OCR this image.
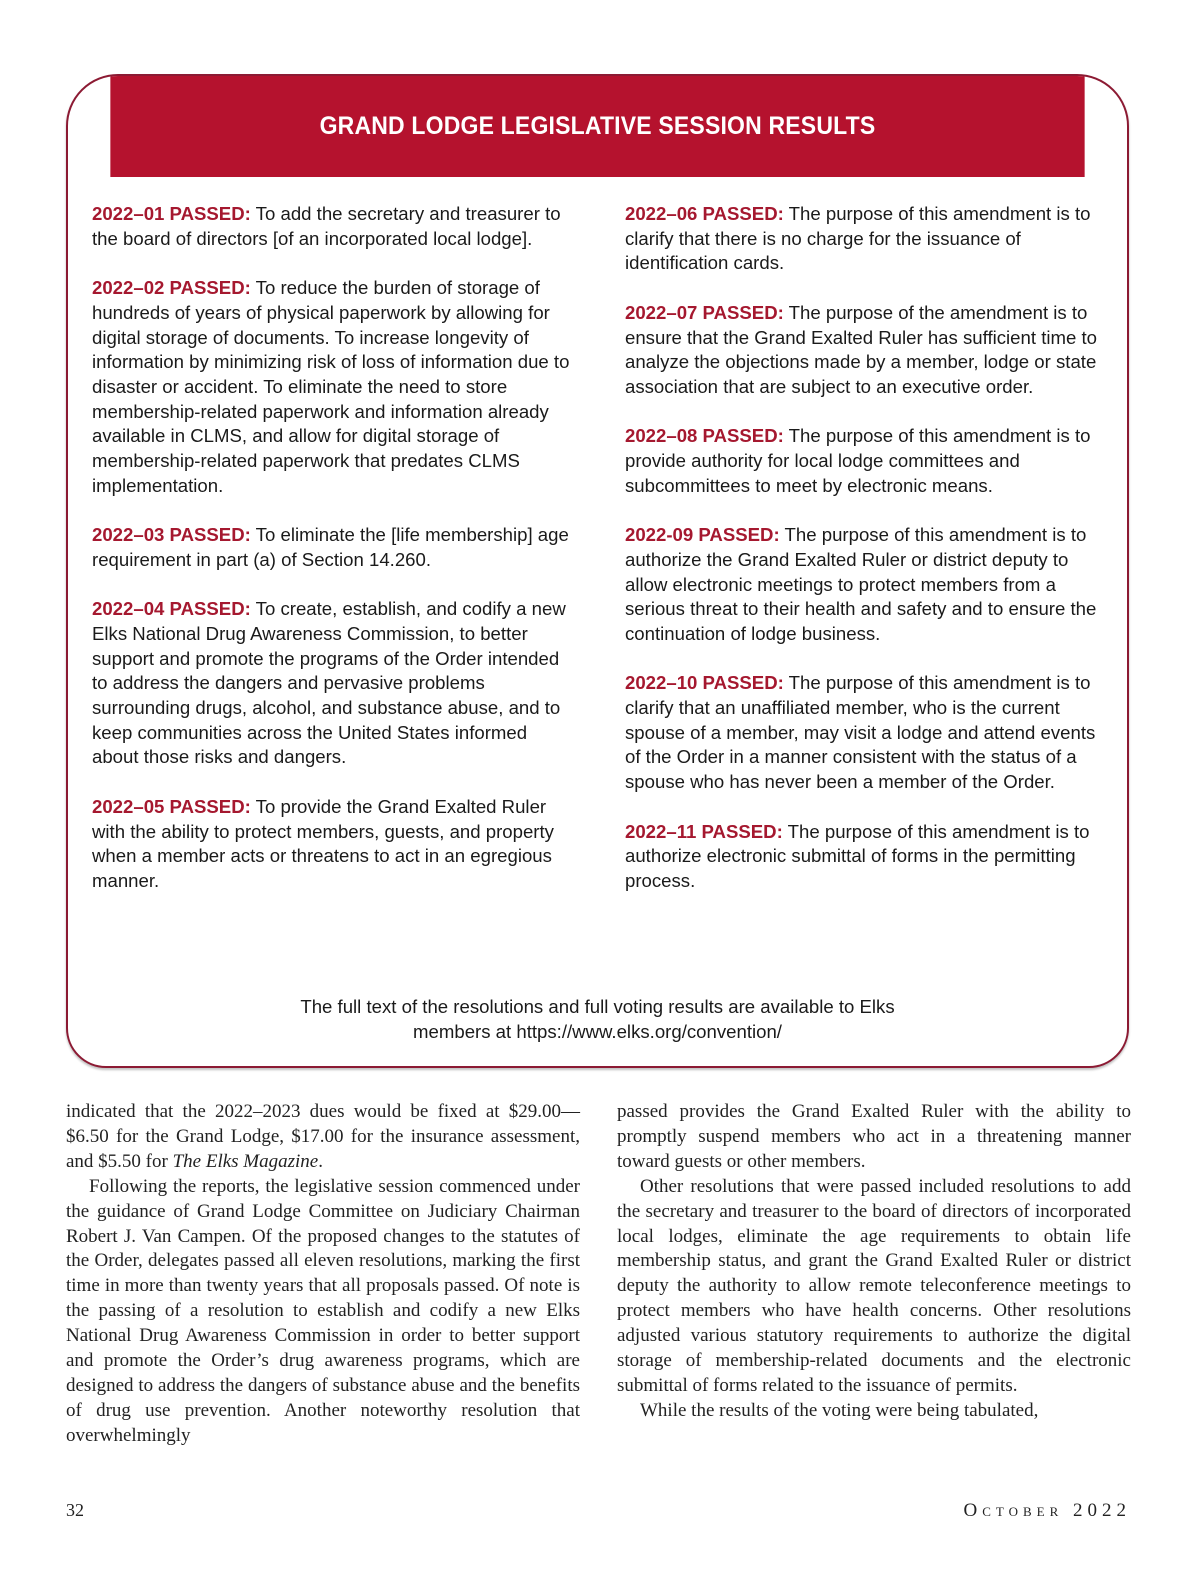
GRAND LODGE LEGISLATIVE SESSION RESULTS

2022–01 PASSED: To add the secretary and treasurer to the board of directors [of an incorporated local lodge].

2022–02 PASSED: To reduce the burden of storage of hundreds of years of physical paperwork by allowing for digital storage of documents. To increase longevity of information by minimizing risk of loss of information due to disaster or accident. To eliminate the need to store membership-related paperwork and information already available in CLMS, and allow for digital storage of membership-related paperwork that predates CLMS implementation.

2022–03 PASSED: To eliminate the [life membership] age requirement in part (a) of Section 14.260.

2022–04 PASSED: To create, establish, and codify a new Elks National Drug Awareness Commission, to better support and promote the programs of the Order intended to address the dangers and pervasive problems surrounding drugs, alcohol, and substance abuse, and to keep communities across the United States informed about those risks and dangers.

2022–05 PASSED: To provide the Grand Exalted Ruler with the ability to protect members, guests, and property when a member acts or threatens to act in an egregious manner.

2022–06 PASSED: The purpose of this amendment is to clarify that there is no charge for the issuance of identification cards.

2022–07 PASSED: The purpose of the amendment is to ensure that the Grand Exalted Ruler has sufficient time to analyze the objections made by a member, lodge or state association that are subject to an executive order.

2022–08 PASSED: The purpose of this amendment is to provide authority for local lodge committees and subcommittees to meet by electronic means.

2022-09 PASSED: The purpose of this amendment is to authorize the Grand Exalted Ruler or district deputy to allow electronic meetings to protect members from a serious threat to their health and safety and to ensure the continuation of lodge business.

2022–10 PASSED: The purpose of this amendment is to clarify that an unaffiliated member, who is the current spouse of a member, may visit a lodge and attend events of the Order in a manner consistent with the status of a spouse who has never been a member of the Order.

2022–11 PASSED: The purpose of this amendment is to authorize electronic submittal of forms in the permitting process.

The full text of the resolutions and full voting results are available to Elks
members at https://www.elks.org/convention/

indicated that the 2022–2023 dues would be fixed at $29.00—$6.50 for the Grand Lodge, $17.00 for the insurance assessment, and $5.50 for The Elks Magazine.

Following the reports, the legislative session commenced under the guidance of Grand Lodge Committee on Judiciary Chairman Robert J. Van Campen. Of the proposed changes to the statutes of the Order, delegates passed all eleven resolutions, marking the first time in more than twenty years that all proposals passed. Of note is the passing of a resolution to establish and codify a new Elks National Drug Awareness Commission in order to better support and promote the Order’s drug awareness programs, which are designed to address the dangers of substance abuse and the benefits of drug use prevention. Another noteworthy resolution that overwhelmingly

passed provides the Grand Exalted Ruler with the ability to promptly suspend members who act in a threatening manner toward guests or other members.

Other resolutions that were passed included resolutions to add the secretary and treasurer to the board of directors of incorporated local lodges, eliminate the age requirements to obtain life membership status, and grant the Grand Exalted Ruler or district deputy the authority to allow remote teleconference meetings to protect members who have health concerns. Other resolutions adjusted various statutory requirements to authorize the digital storage of membership-related documents and the electronic submittal of forms related to the issuance of permits.

While the results of the voting were being tabulated,

32	October 2022
